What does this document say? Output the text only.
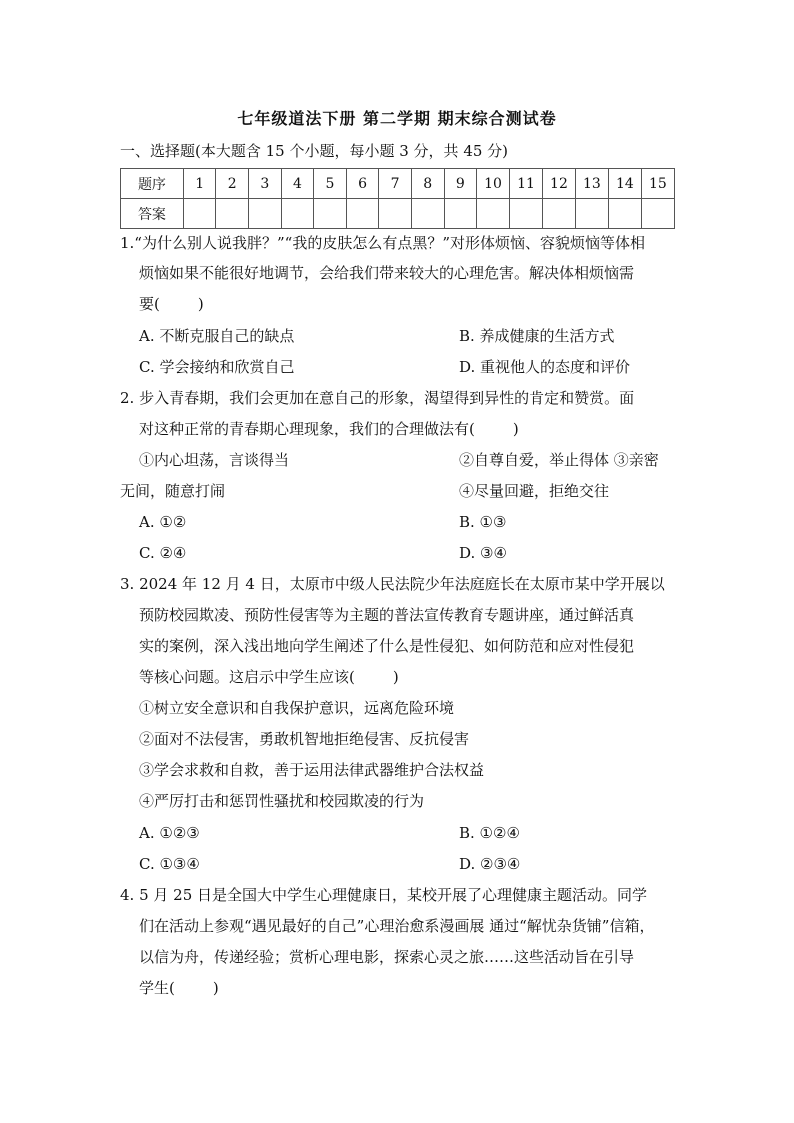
七年级道法下册 第二学期 期末综合测试卷
一、选择题(本大题含 15 个小题，每小题 3 分，共 45 分)
题序	1	2	3	4	5	6	7	8	9	10	11	12	13	14	15
答案															
1.“为什么别人说我胖？”“我的皮肤怎么有点黑？”对形体烦恼、容貌烦恼等体相
烦恼如果不能很好地调节，会给我们带来较大的心理危害。解决体相烦恼需
要(	)
A. 不断克服自己的缺点	B. 养成健康的生活方式
C. 学会接纳和欣赏自己	D. 重视他人的态度和评价
2. 步入青春期，我们会更加在意自己的形象，渴望得到异性的肯定和赞赏。面
对这种正常的青春期心理现象，我们的合理做法有(	)
①内心坦荡，言谈得当	②自尊自爱，举止得体 ③亲密
无间，随意打闹	④尽量回避，拒绝交往
A. ①②	B. ①③
C. ②④	D. ③④
3. 2024 年 12 月 4 日，太原市中级人民法院少年法庭庭长在太原市某中学开展以
预防校园欺凌、预防性侵害等为主题的普法宣传教育专题讲座，通过鲜活真
实的案例，深入浅出地向学生阐述了什么是性侵犯、如何防范和应对性侵犯
等核心问题。这启示中学生应该(	)
①树立安全意识和自我保护意识，远离危险环境
②面对不法侵害，勇敢机智地拒绝侵害、反抗侵害
③学会求救和自救，善于运用法律武器维护合法权益
④严厉打击和惩罚性骚扰和校园欺凌的行为
A. ①②③	B. ①②④
C. ①③④	D. ②③④
4. 5 月 25 日是全国大中学生心理健康日，某校开展了心理健康主题活动。同学
们在活动上参观“遇见最好的自己”心理治愈系漫画展 通过“解忧杂货铺”信箱，
以信为舟，传递经验；赏析心理电影，探索心灵之旅……这些活动旨在引导
学生(	)
